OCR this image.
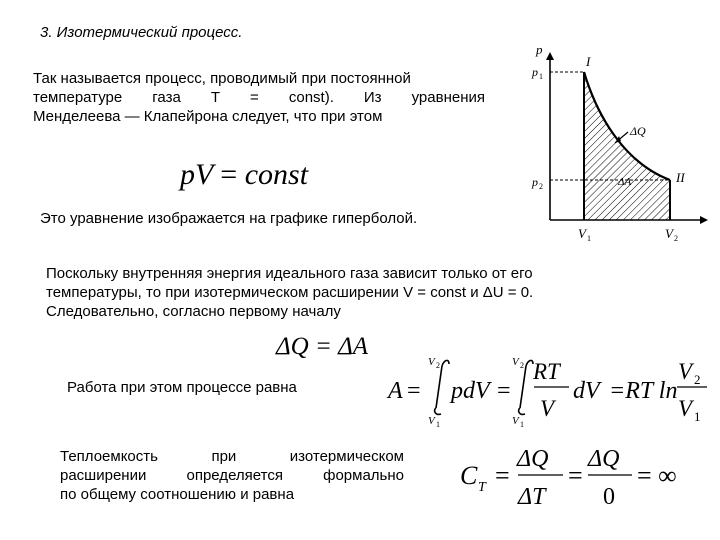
3. Изотермический процесс.
Так называется процесс, проводимый при постоянной
температуре газа Т = const). Из уравнения
Менделеева — Клапейрона следует, что при этом
pV = const
Это уравнение изображается на графике гиперболой.
Поскольку внутренняя энергия идеального газа зависит только от его
температуры, то при изотермическом расширении V = const и ΔU = 0.
Следовательно, согласно первому началу
ΔQ = ΔA
Работа при этом процессе равна	A =
V 2
V 1
pdV =
V 2
V 1
RT
V
dV =RT ln
V 2
V 1
Теплоемкость при изотермическом
расширении определяется формально
по общему соотношению и равна
C T =
ΔQ
ΔT
=
ΔQ
0
= ∞
p
p 1
p 2
I
II
ΔQ
ΔA
V 1	V 2
